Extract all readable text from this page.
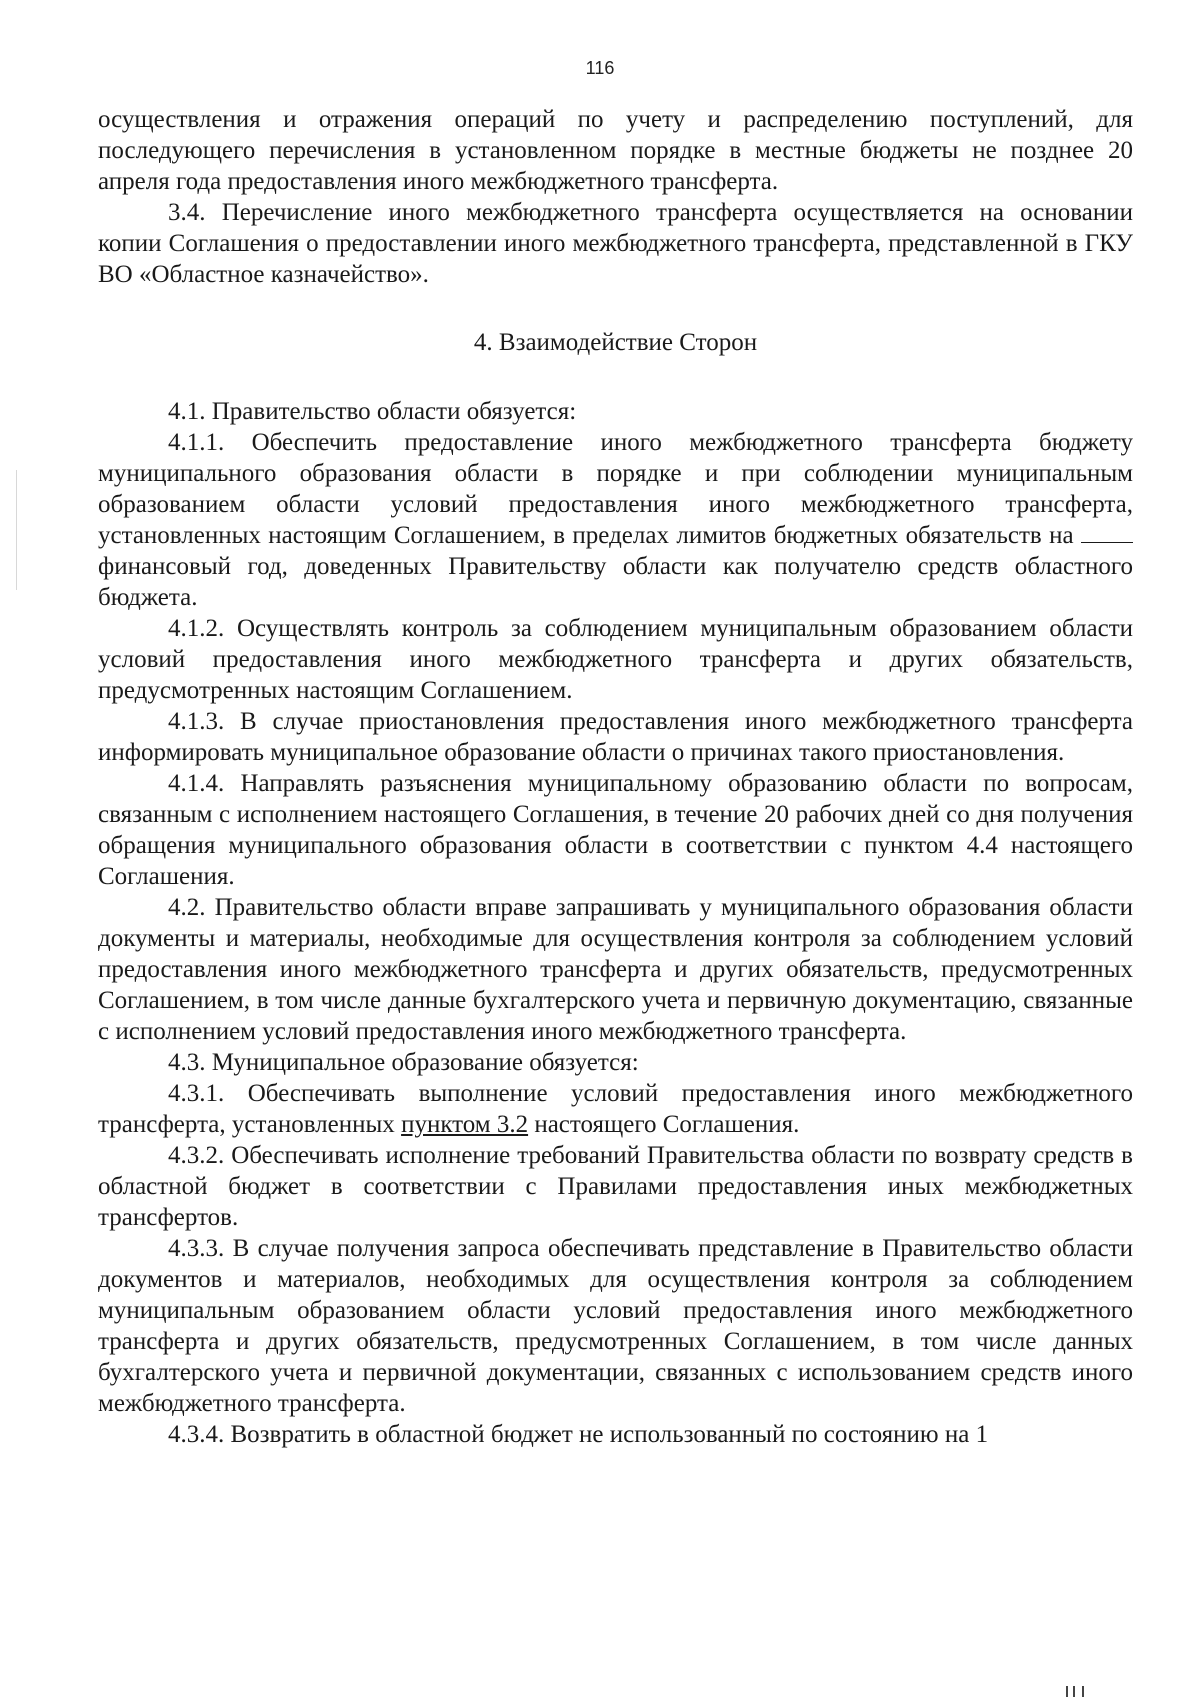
116

осуществления и отражения операций по учету и распределению поступлений, для последующего перечисления в установленном порядке в местные бюджеты не позднее 20 апреля года предоставления иного межбюджетного трансферта.

3.4. Перечисление иного межбюджетного трансферта осуществляется на основании копии Соглашения о предоставлении иного межбюджетного трансферта, представленной в ГКУ ВО «Областное казначейство».

4. Взаимодействие Сторон

4.1. Правительство области обязуется:

4.1.1. Обеспечить предоставление иного межбюджетного трансферта бюджету муниципального образования области в порядке и при соблюдении муниципальным образованием области условий предоставления иного межбюджетного трансферта, установленных настоящим Соглашением, в пределах лимитов бюджетных обязательств на  финансовый год, доведенных Правительству области как получателю средств областного бюджета.

4.1.2. Осуществлять контроль за соблюдением муниципальным образованием области условий предоставления иного межбюджетного трансферта и других обязательств, предусмотренных настоящим Соглашением.

4.1.3. В случае приостановления предоставления иного межбюджетного трансферта информировать муниципальное образование области о причинах такого приостановления.

4.1.4. Направлять разъяснения муниципальному образованию области по вопросам, связанным с исполнением настоящего Соглашения, в течение 20 рабочих дней со дня получения обращения муниципального образования области в соответствии с пунктом 4.4 настоящего Соглашения.

4.2. Правительство области вправе запрашивать у муниципального образования области документы и материалы, необходимые для осуществления контроля за соблюдением условий предоставления иного межбюджетного трансферта и других обязательств, предусмотренных Соглашением, в том числе данные бухгалтерского учета и первичную документацию, связанные с исполнением условий предоставления иного межбюджетного трансферта.

4.3. Муниципальное образование обязуется:

4.3.1. Обеспечивать выполнение условий предоставления иного межбюджетного трансферта, установленных пунктом 3.2 настоящего Соглашения.

4.3.2. Обеспечивать исполнение требований Правительства области по возврату средств в областной бюджет в соответствии с Правилами предоставления иных межбюджетных трансфертов.

4.3.3. В случае получения запроса обеспечивать представление в Правительство области документов и материалов, необходимых для осуществления контроля за соблюдением муниципальным образованием области условий предоставления иного межбюджетного трансферта и других обязательств, предусмотренных Соглашением, в том числе данных бухгалтерского учета и первичной документации, связанных с использованием средств иного межбюджетного трансферта.

4.3.4. Возвратить в областной бюджет не использованный по состоянию на 1
